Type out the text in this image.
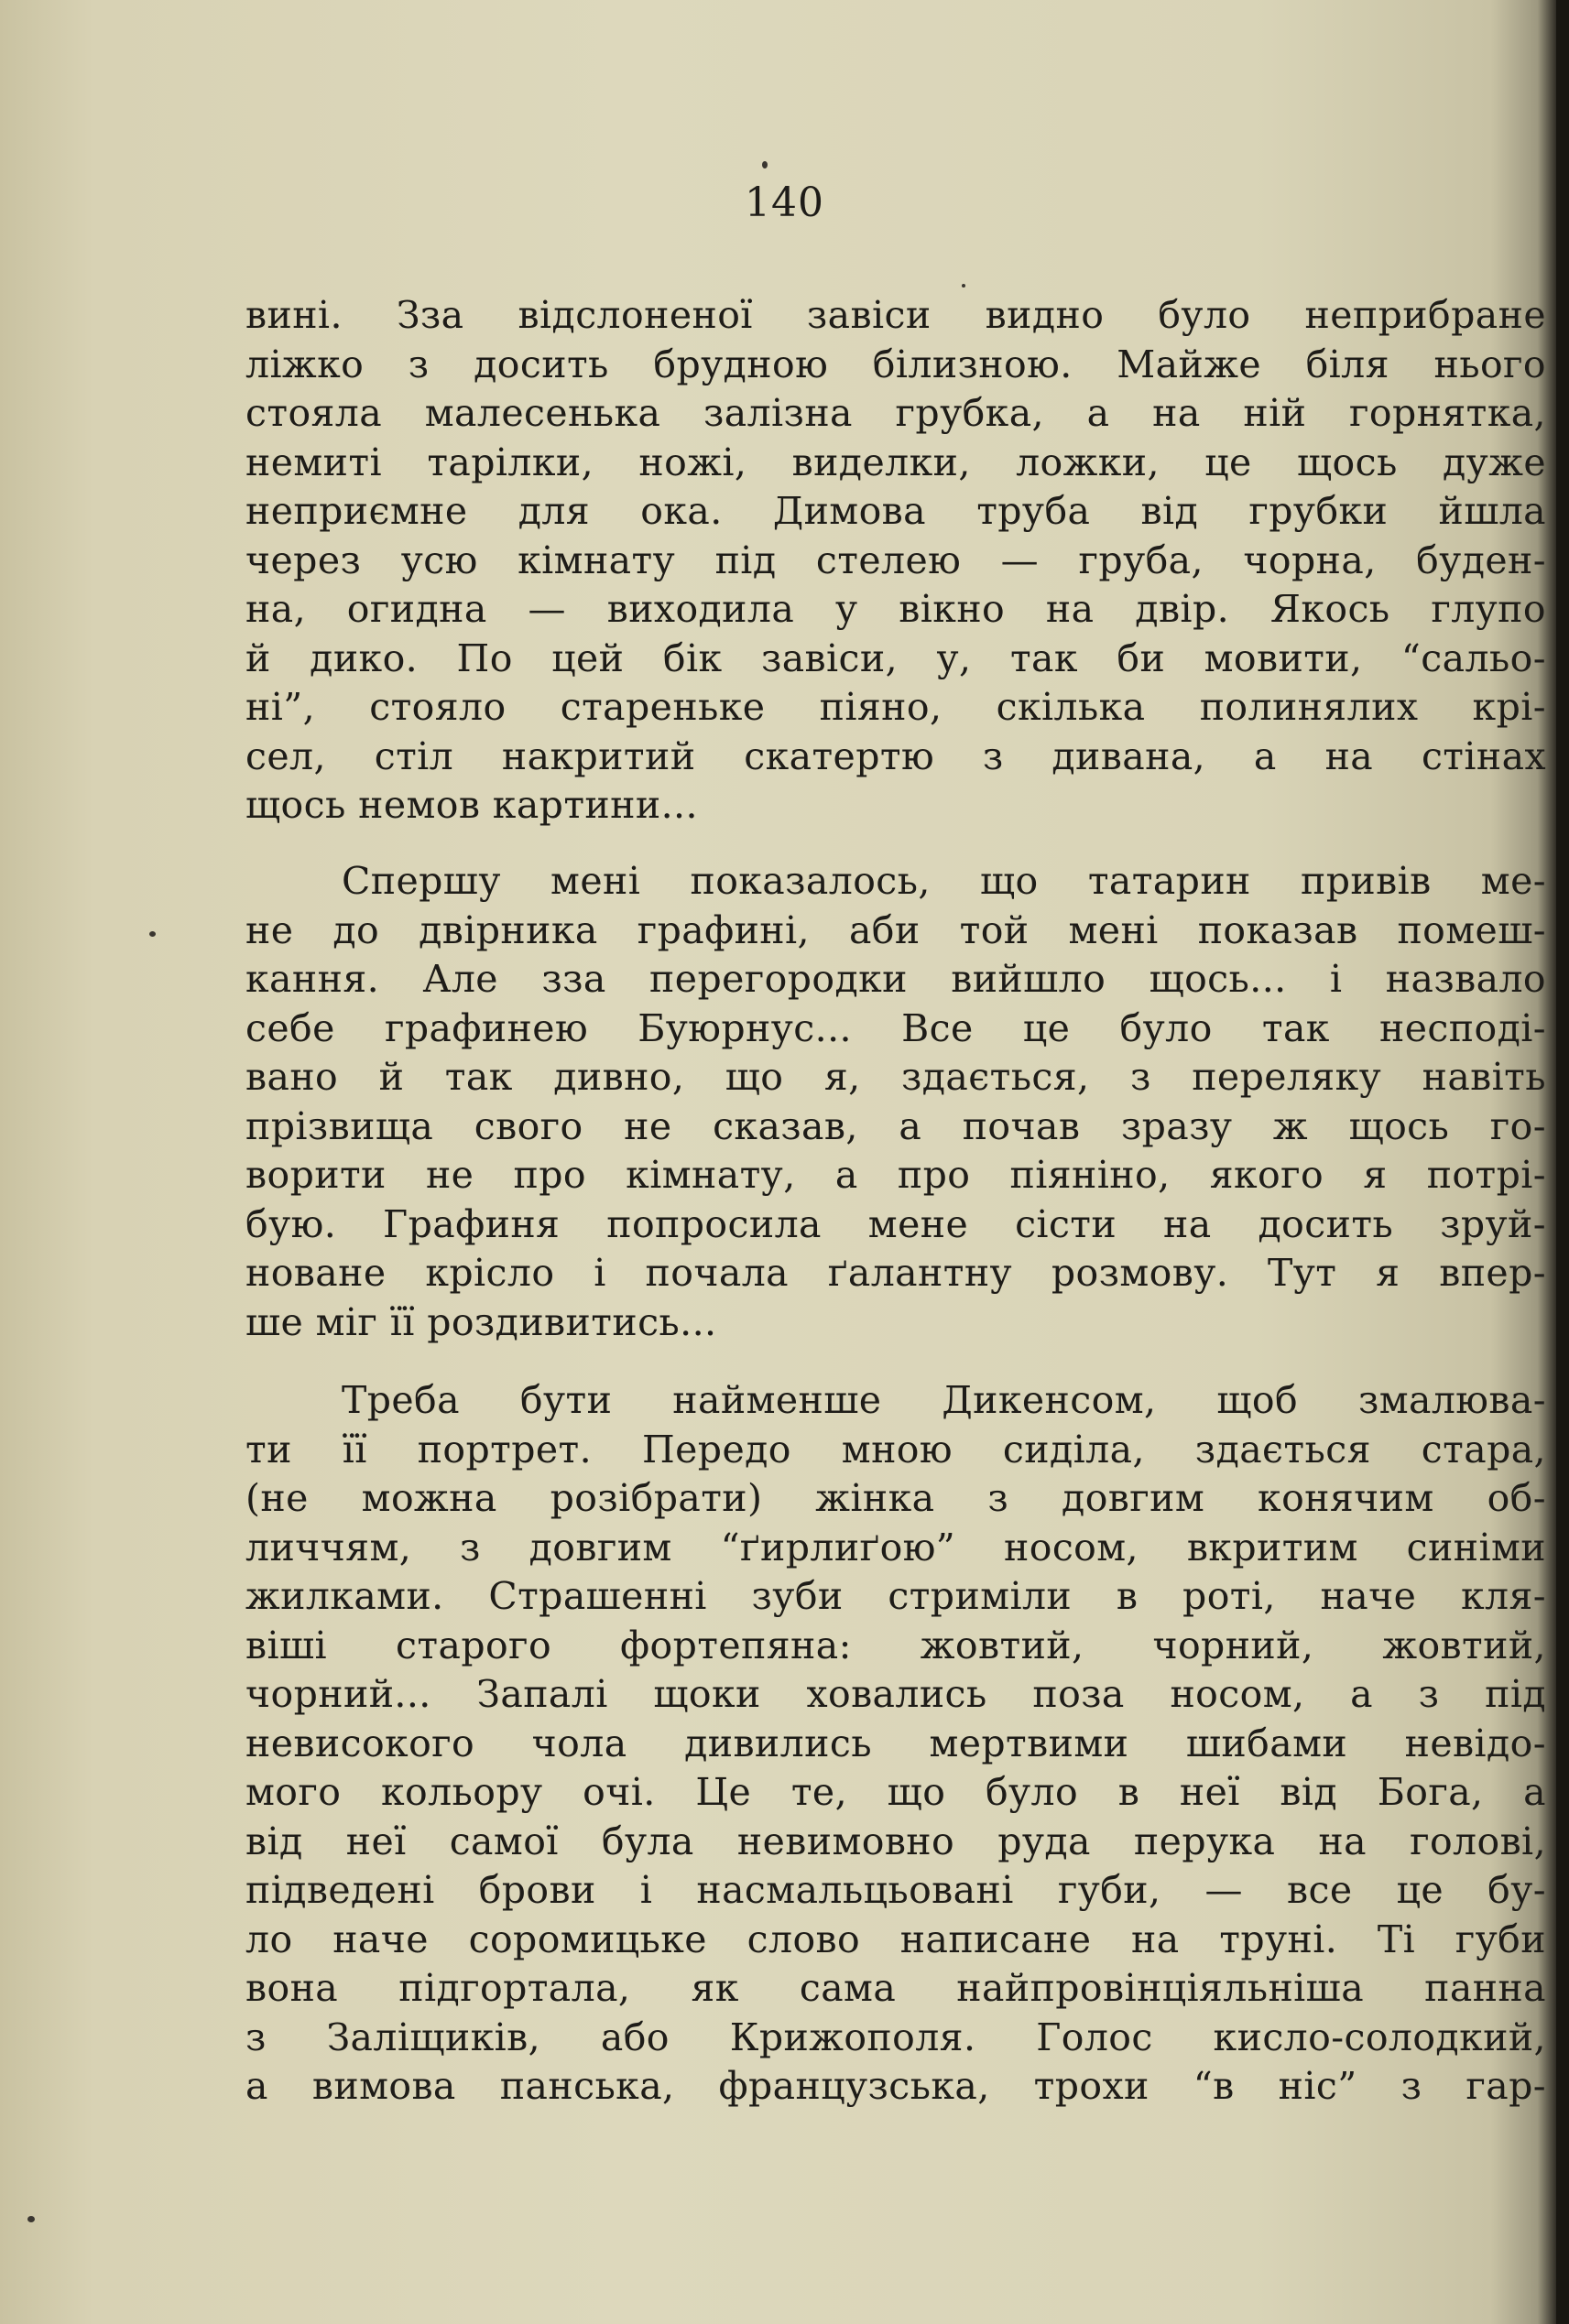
140
вині. Зза відслоненої завіси видно було неприбране
ліжко з досить брудною білизною. Майже біля нього
стояла малесенька залізна грубка, а на ній горнятка,
немиті тарілки, ножі, виделки, ложки, це щось дуже
неприємне для ока. Димова труба від грубки йшла
через усю кімнату під стелею — груба, чорна, буден-
на, огидна — виходила у вікно на двір. Якось глупо
й дико. По цей бік завіси, у, так би мовити, “сальо-
ні”, стояло стареньке піяно, скілька полинялих крі-
сел, стіл накритий скатертю з дивана, а на стінах
щось немов картини...
Спершу мені показалось, що татарин привів ме-
не до двірника графині, аби той мені показав помеш-
кання. Але зза перегородки вийшло щось... і назвало
себе графинею Буюрнус... Все це було так несподі-
вано й так дивно, що я, здається, з переляку навіть
прізвища свого не сказав, а почав зразу ж щось го-
ворити не про кімнату, а про піяніно, якого я потрі-
бую. Графиня попросила мене сісти на досить зруй-
новане крісло і почала ґалантну розмову. Тут я впер-
ше міг її роздивитись...
Треба бути найменше Дикенсом, щоб змалюва-
ти її портрет. Передо мною сиділа, здається стара,
(не можна розібрати) жінка з довгим конячим об-
личчям, з довгим “ґирлиґою” носом, вкритим синіми
жилками. Страшенні зуби стриміли в роті, наче кля-
віші старого фортепяна: жовтий, чорний, жовтий,
чорний... Запалі щоки ховались поза носом, а з під
невисокого чола дивились мертвими шибами невідо-
мого кольору очі. Це те, що було в неї від Бога, а
від неї самої була невимовно руда перука на голові,
підведені брови і насмальцьовані губи, — все це бу-
ло наче соромицьке слово написане на труні. Ті губи
вона підгортала, як сама найпровінціяльніша панна
з Заліщиків, або Крижополя. Голос кисло-солодкий,
а вимова панська, французська, трохи “в ніс” з гар-
